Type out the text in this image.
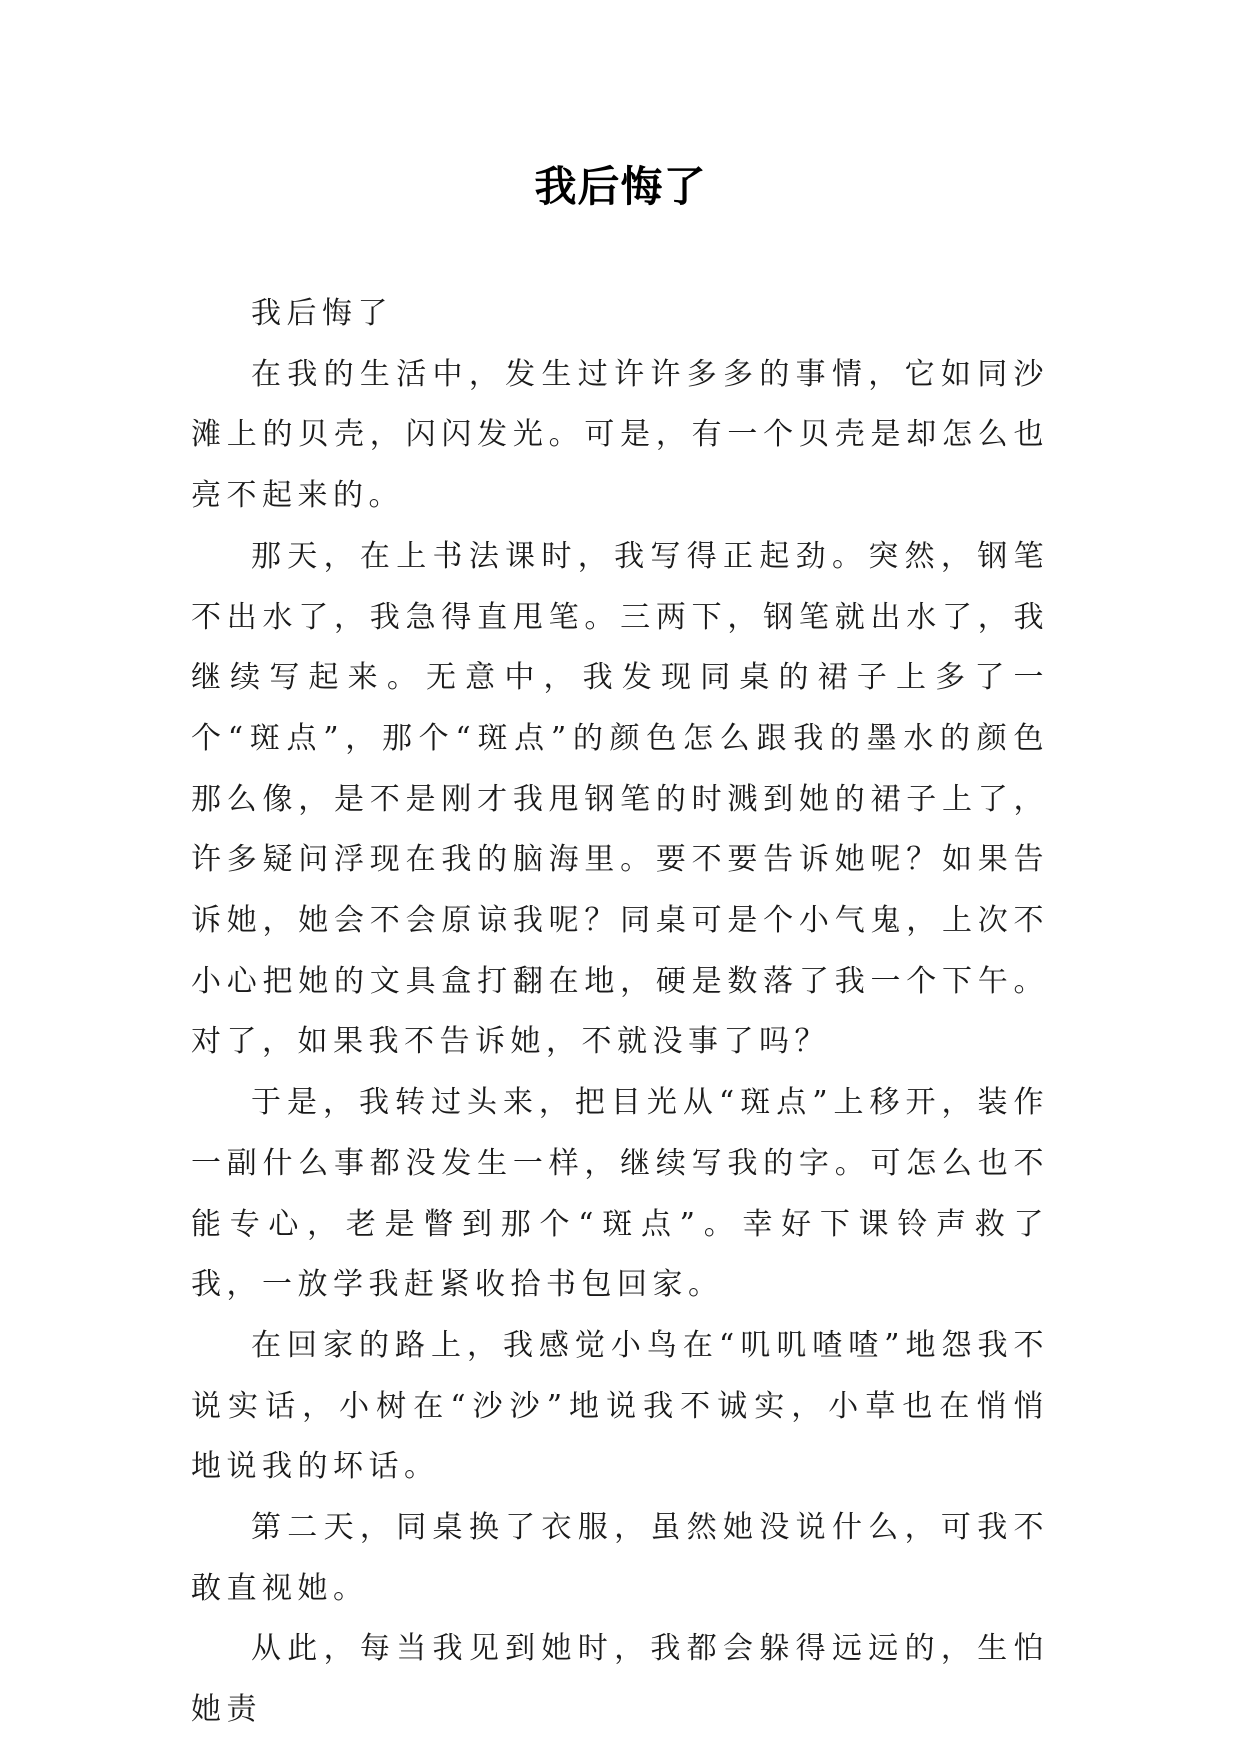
我后悔了

我后悔了

在我的生活中，发生过许许多多的事情，它如同沙滩上的贝壳，闪闪发光。可是，有一个贝壳是却怎么也亮不起来的。

那天，在上书法课时，我写得正起劲。突然，钢笔不出水了，我急得直甩笔。三两下，钢笔就出水了，我继续写起来。无意中，我发现同桌的裙子上多了一个“斑点”，那个“斑点”的颜色怎么跟我的墨水的颜色那么像，是不是刚才我甩钢笔的时溅到她的裙子上了，许多疑问浮现在我的脑海里。要不要告诉她呢？如果告诉她，她会不会原谅我呢？同桌可是个小气鬼，上次不小心把她的文具盒打翻在地，硬是数落了我一个下午。对了，如果我不告诉她，不就没事了吗？

于是，我转过头来，把目光从“斑点”上移开，装作一副什么事都没发生一样，继续写我的字。可怎么也不能专心，老是瞥到那个“斑点”。幸好下课铃声救了我，一放学我赶紧收拾书包回家。

在回家的路上，我感觉小鸟在“叽叽喳喳”地怨我不说实话，小树在“沙沙”地说我不诚实，小草也在悄悄地说我的坏话。

第二天，同桌换了衣服，虽然她没说什么，可我不敢直视她。

从此，每当我见到她时，我都会躲得远远的，生怕她责
